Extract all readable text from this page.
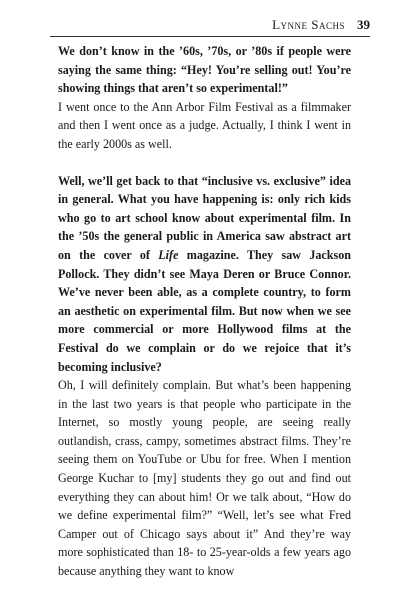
Lynne Sachs 39

We don’t know in the ’60s, ’70s, or ’80s if people were saying the same thing: “Hey! You’re selling out! You’re showing things that aren’t so experimental!”

I went once to the Ann Arbor Film Festival as a filmmaker and then I went once as a judge. Actually, I think I went in the early 2000s as well.

Well, we’ll get back to that “inclusive vs. exclusive” idea in general. What you have happening is: only rich kids who go to art school know about experimental film. In the ’50s the general public in America saw abstract art on the cover of Life magazine. They saw Jackson Pollock. They didn’t see Maya Deren or Bruce Connor. We’ve never been able, as a complete country, to form an aesthetic on experimental film. But now when we see more commercial or more Hollywood films at the Festival do we complain or do we rejoice that it’s becoming inclusive?

Oh, I will definitely complain. But what’s been happening in the last two years is that people who participate in the Internet, so mostly young people, are seeing really outlandish, crass, campy, sometimes abstract films. They’re seeing them on YouTube or Ubu for free. When I mention George Kuchar to [my] students they go out and find out everything they can about him! Or we talk about, “How do we define experimental film?” “Well, let’s see what Fred Camper out of Chicago says about it” And they’re way more sophisticated than 18- to 25-year-olds a few years ago because anything they want to know
